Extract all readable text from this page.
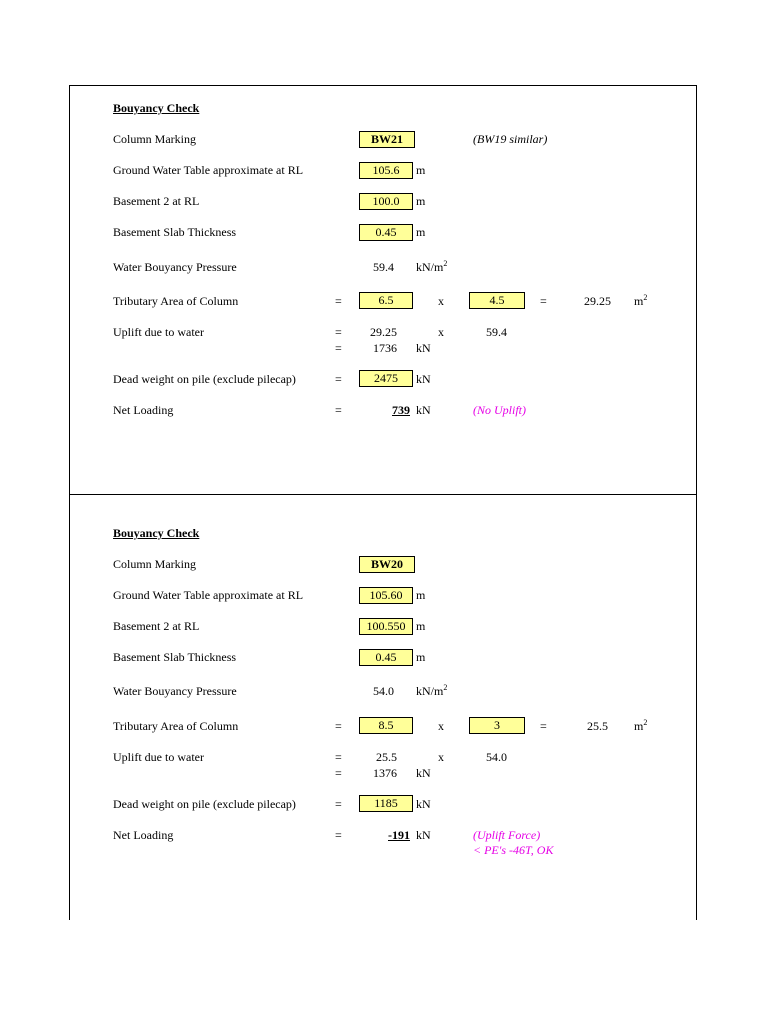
Bouyancy Check
Column Marking	BW21	(BW19 similar)
Ground Water Table approximate at RL	105.6	m
Basement 2 at RL	100.0	m
Basement Slab Thickness	0.45	m
Water Bouyancy Pressure	59.4 $kN/m^2$
Tributary Area of Column	=	6.5	x	4.5	=	29.25 $m^2$
Uplift due to water	= 29.25	x	59.4
=	1736 kN
Dead weight on pile (exclude pilecap)	=	2475	kN
Net Loading	=	739 kN	(No Uplift)
Bouyancy Check
Column Marking	BW20
Ground Water Table approximate at RL	105.60	m
Basement 2 at RL	100.550 m
Basement Slab Thickness	0.45	m
Water Bouyancy Pressure	54.0 $kN/m^2$
Tributary Area of Column	=	8.5	x	3	=	25.5 $m^2$
Uplift due to water	=	25.5	x	54.0
=	1376 kN
Dead weight on pile (exclude pilecap)	=	1185	kN
Net Loading	=	-191 kN	(Uplift Force)
< PE's -46T, OK
